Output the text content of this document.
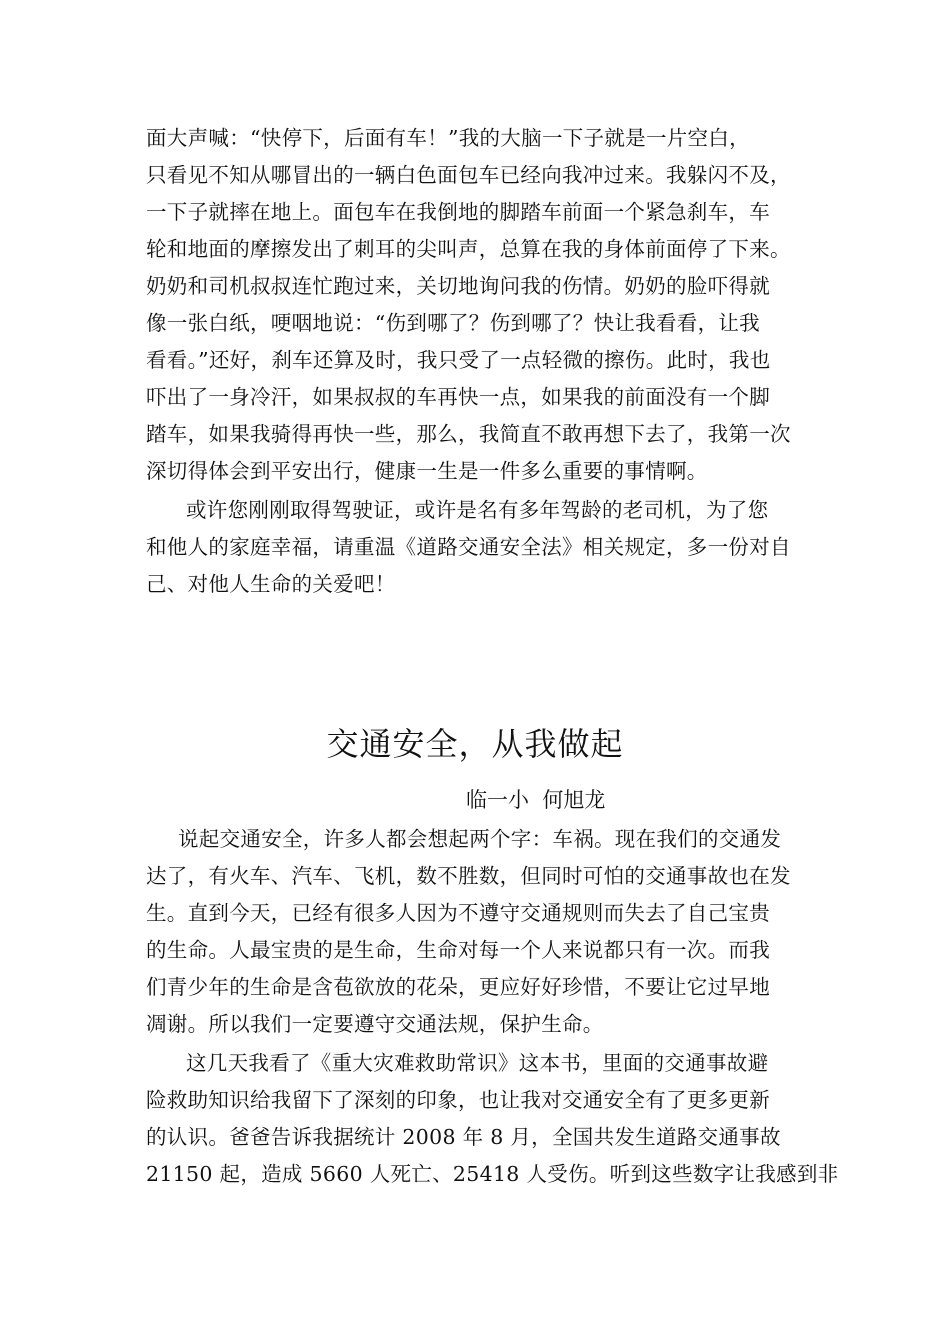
面大声喊：“快停下，后面有车！”我的大脑一下子就是一片空白，
只看见不知从哪冒出的一辆白色面包车已经向我冲过来。我躲闪不及，
一下子就摔在地上。面包车在我倒地的脚踏车前面一个紧急刹车，车
轮和地面的摩擦发出了刺耳的尖叫声，总算在我的身体前面停了下来。
奶奶和司机叔叔连忙跑过来，关切地询问我的伤情。奶奶的脸吓得就
像一张白纸，哽咽地说：“伤到哪了？伤到哪了？快让我看看，让我
看看。”还好，刹车还算及时，我只受了一点轻微的擦伤。此时，我也
吓出了一身冷汗，如果叔叔的车再快一点，如果我的前面没有一个脚
踏车，如果我骑得再快一些，那么，我简直不敢再想下去了，我第一次
深切得体会到平安出行，健康一生是一件多么重要的事情啊。
或许您刚刚取得驾驶证，或许是名有多年驾龄的老司机，为了您
和他人的家庭幸福，请重温《道路交通安全法》相关规定，多一份对自
己、对他人生命的关爱吧！
交通安全，从我做起
临一小  何旭龙
说起交通安全，许多人都会想起两个字：车祸。现在我们的交通发
达了，有火车、汽车、飞机，数不胜数，但同时可怕的交通事故也在发
生。直到今天，已经有很多人因为不遵守交通规则而失去了自己宝贵
的生命。人最宝贵的是生命，生命对每一个人来说都只有一次。而我
们青少年的生命是含苞欲放的花朵，更应好好珍惜，不要让它过早地
凋谢。所以我们一定要遵守交通法规，保护生命。
这几天我看了《重大灾难救助常识》这本书，里面的交通事故避
险救助知识给我留下了深刻的印象，也让我对交通安全有了更多更新
的认识。爸爸告诉我据统计 2008 年 8 月，全国共发生道路交通事故
21150 起，造成 5660 人死亡、25418 人受伤。听到这些数字让我感到非
